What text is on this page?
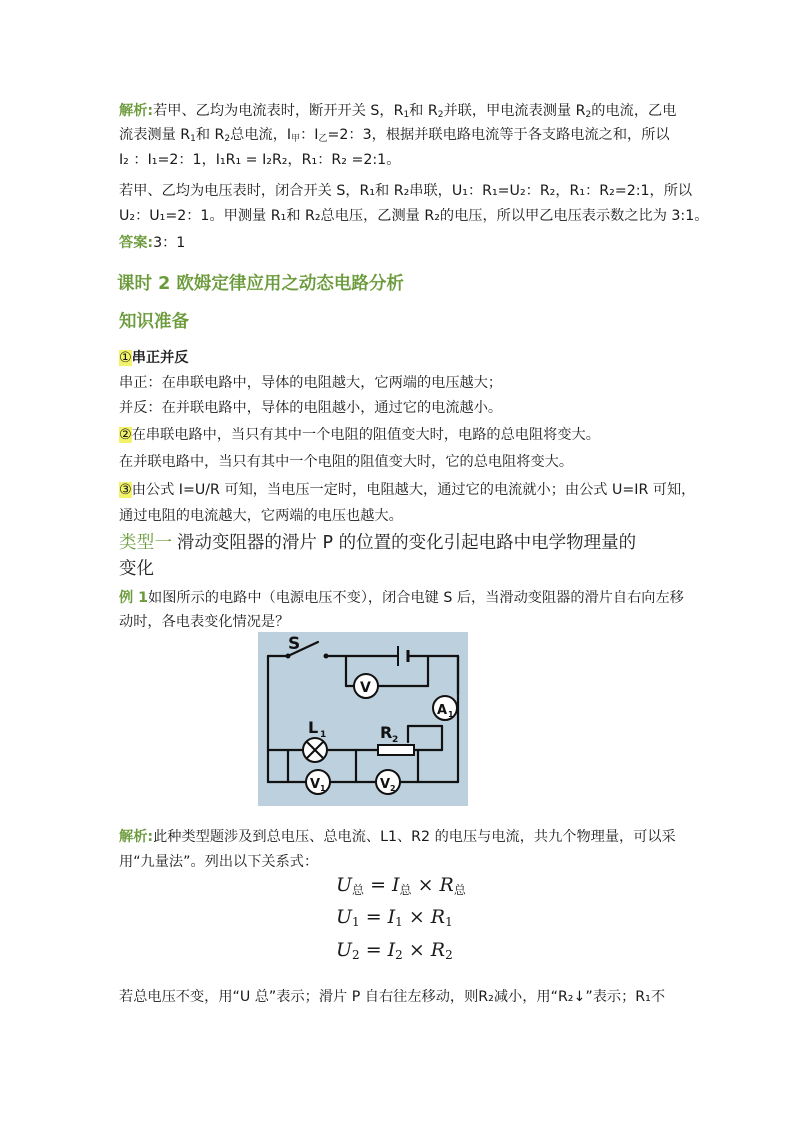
解析:若甲、乙均为电流表时，断开开关 S，$R_1$和 $R_2$并联，甲电流表测量 $R_2$的电流，乙电
流表测量 $R_1$和 $R_2$总电流，$I_甲$：$I_乙=2$：3，根据并联电路电流等于各支路电流之和，所以
I₂ ：I₁=2：1，I₁R₁ = I₂R₂，R₁：R₂ =2:1。
若甲、乙均为电压表时，闭合开关 S，R₁和 R₂串联，U₁：R₁=U₂：R₂，R₁：R₂=2:1，所以
U₂：U₁=2：1。甲测量 R₁和 R₂总电压，乙测量 R₂的电压，所以甲乙电压表示数之比为 3:1。
答案:3：1
课时 2 欧姆定律应用之动态电路分析
知识准备
①串正并反
串正：在串联电路中，导体的电阻越大，它两端的电压越大；
并反：在并联电路中，导体的电阻越小，通过它的电流越小。
②在串联电路中，当只有其中一个电阻的阻值变大时，电路的总电阻将变大。
在并联电路中，当只有其中一个电阻的阻值变大时，它的总电阻将变大。
③由公式 I=U/R 可知，当电压一定时，电阻越大，通过它的电流就小；由公式 U=IR 可知，
通过电阻的电流越大，它两端的电压也越大。
类型一 滑动变阻器的滑片 P 的位置的变化引起电路中电学物理量的
变化
例 1如图所示的电路中（电源电压不变），闭合电键 S 后，当滑动变阻器的滑片自右向左移
动时，各电表变化情况是？
S
V
A 1
L 1	R 2
V 1	V 2
解析:此种类型题涉及到总电压、总电流、L1、R2 的电压与电流，共九个物理量，可以采
用“九量法”。列出以下关系式：
U总 = I总 × R总
U1 = I1 × R1
U2 = I2 × R2
若总电压不变，用“U 总”表示；滑片 P 自右往左移动，则R₂减小，用“R₂↓”表示；R₁不
